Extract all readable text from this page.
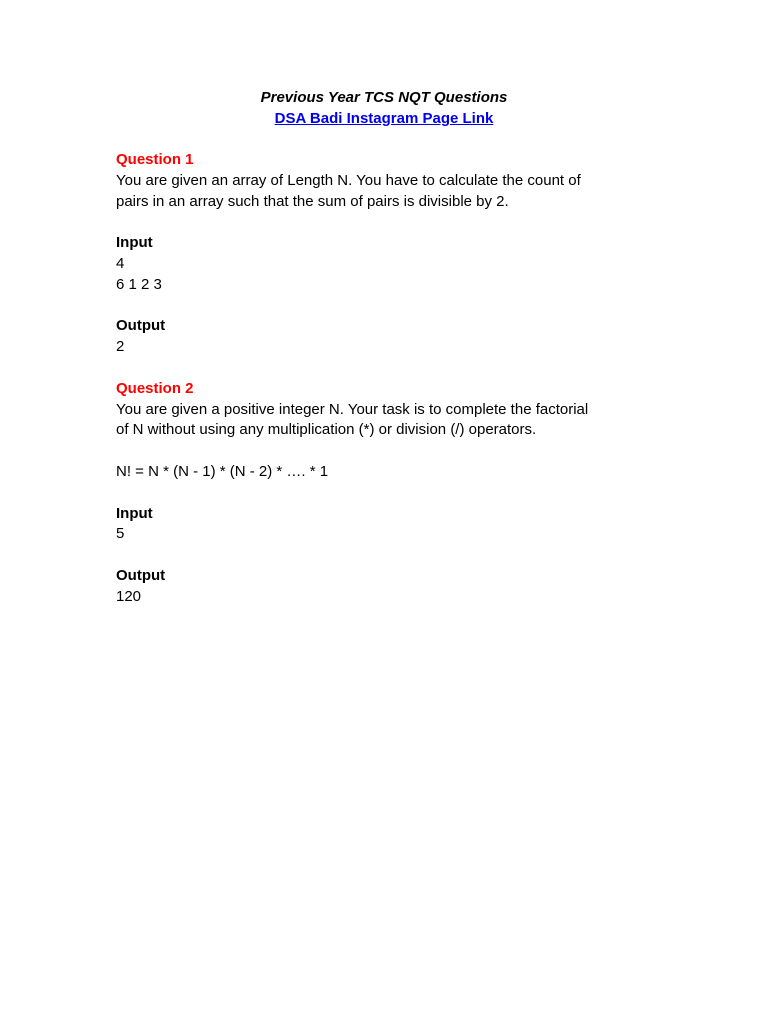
Previous Year TCS NQT Questions
DSA Badi Instagram Page Link
Question 1
You are given an array of Length N. You have to calculate the count of
pairs in an array such that the sum of pairs is divisible by 2.
Input
4
6 1 2 3
Output
2
Question 2
You are given a positive integer N. Your task is to complete the factorial
of N without using any multiplication (*) or division (/) operators.
N! = N * (N - 1) * (N - 2) * …. * 1
Input
5
Output
120
